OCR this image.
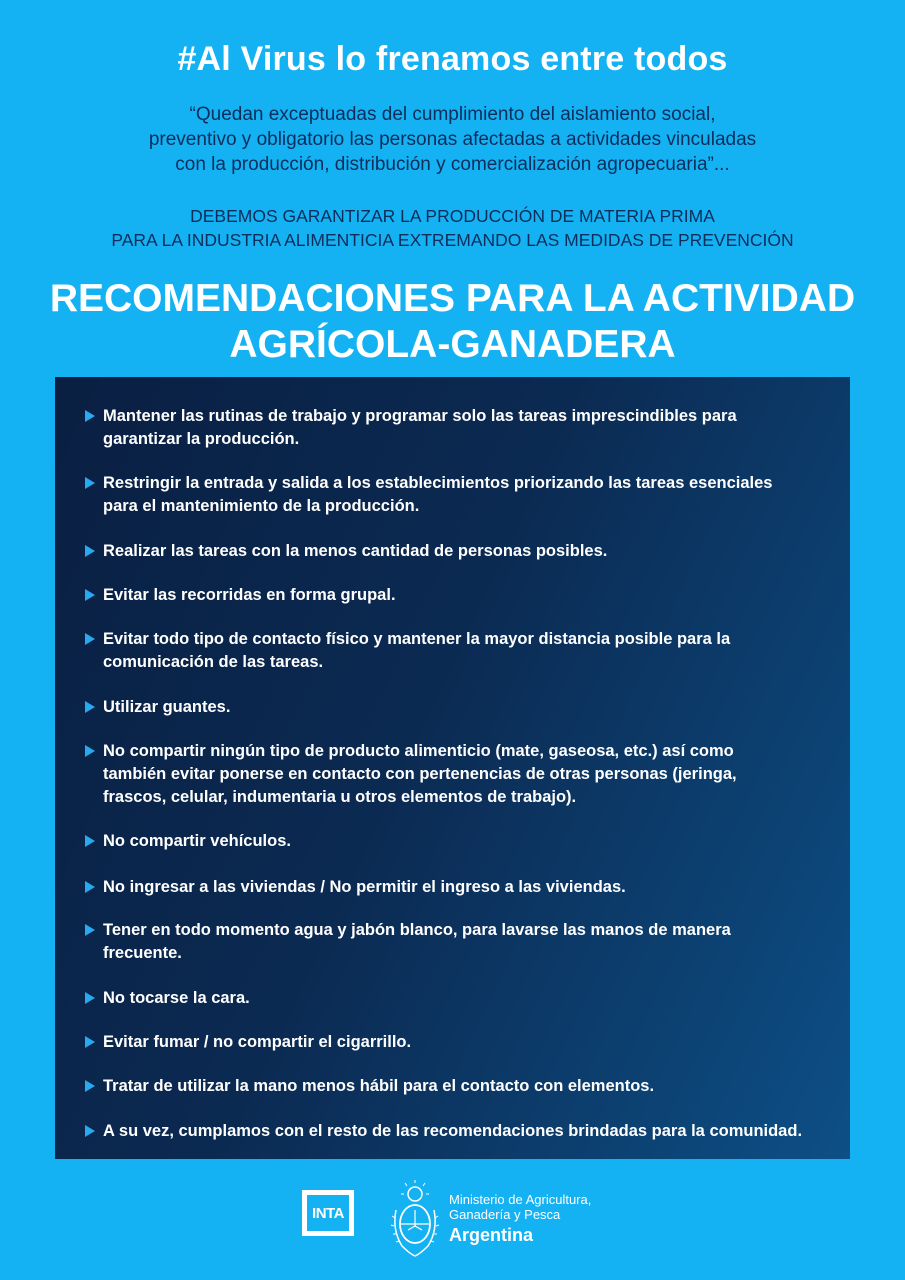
#Al Virus lo frenamos entre todos
“Quedan exceptuadas del cumplimiento del aislamiento social,
preventivo y obligatorio las personas afectadas a actividades vinculadas
con la producción, distribución y comercialización agropecuaria”...
DEBEMOS GARANTIZAR LA PRODUCCIÓN DE MATERIA PRIMA
PARA LA INDUSTRIA ALIMENTICIA EXTREMANDO LAS MEDIDAS DE PREVENCIÓN
RECOMENDACIONES PARA LA ACTIVIDAD
AGRÍCOLA-GANADERA
Mantener las rutinas de trabajo y programar solo las tareas imprescindibles para
garantizar la producción.
Restringir la entrada y salida a los establecimientos priorizando las tareas esenciales
para el mantenimiento de la producción.
Realizar las tareas con la menos cantidad de personas posibles.
Evitar las recorridas en forma grupal.
Evitar todo tipo de contacto físico y mantener la mayor distancia posible para la
comunicación de las tareas.
Utilizar guantes.
No compartir ningún tipo de producto alimenticio (mate, gaseosa, etc.) así como
también evitar ponerse en contacto con pertenencias de otras personas (jeringa,
frascos, celular, indumentaria u otros elementos de trabajo).
No compartir vehículos.
No ingresar a las viviendas / No permitir el ingreso a las viviendas.
Tener en todo momento agua y jabón blanco, para lavarse las manos de manera
frecuente.
No tocarse la cara.
Evitar fumar / no compartir el cigarrillo.
Tratar de utilizar la mano menos hábil para el contacto con elementos.
A su vez, cumplamos con el resto de las recomendaciones brindadas para la comunidad.
INTA
Ministerio de Agricultura,
Ganadería y Pesca
Argentina
